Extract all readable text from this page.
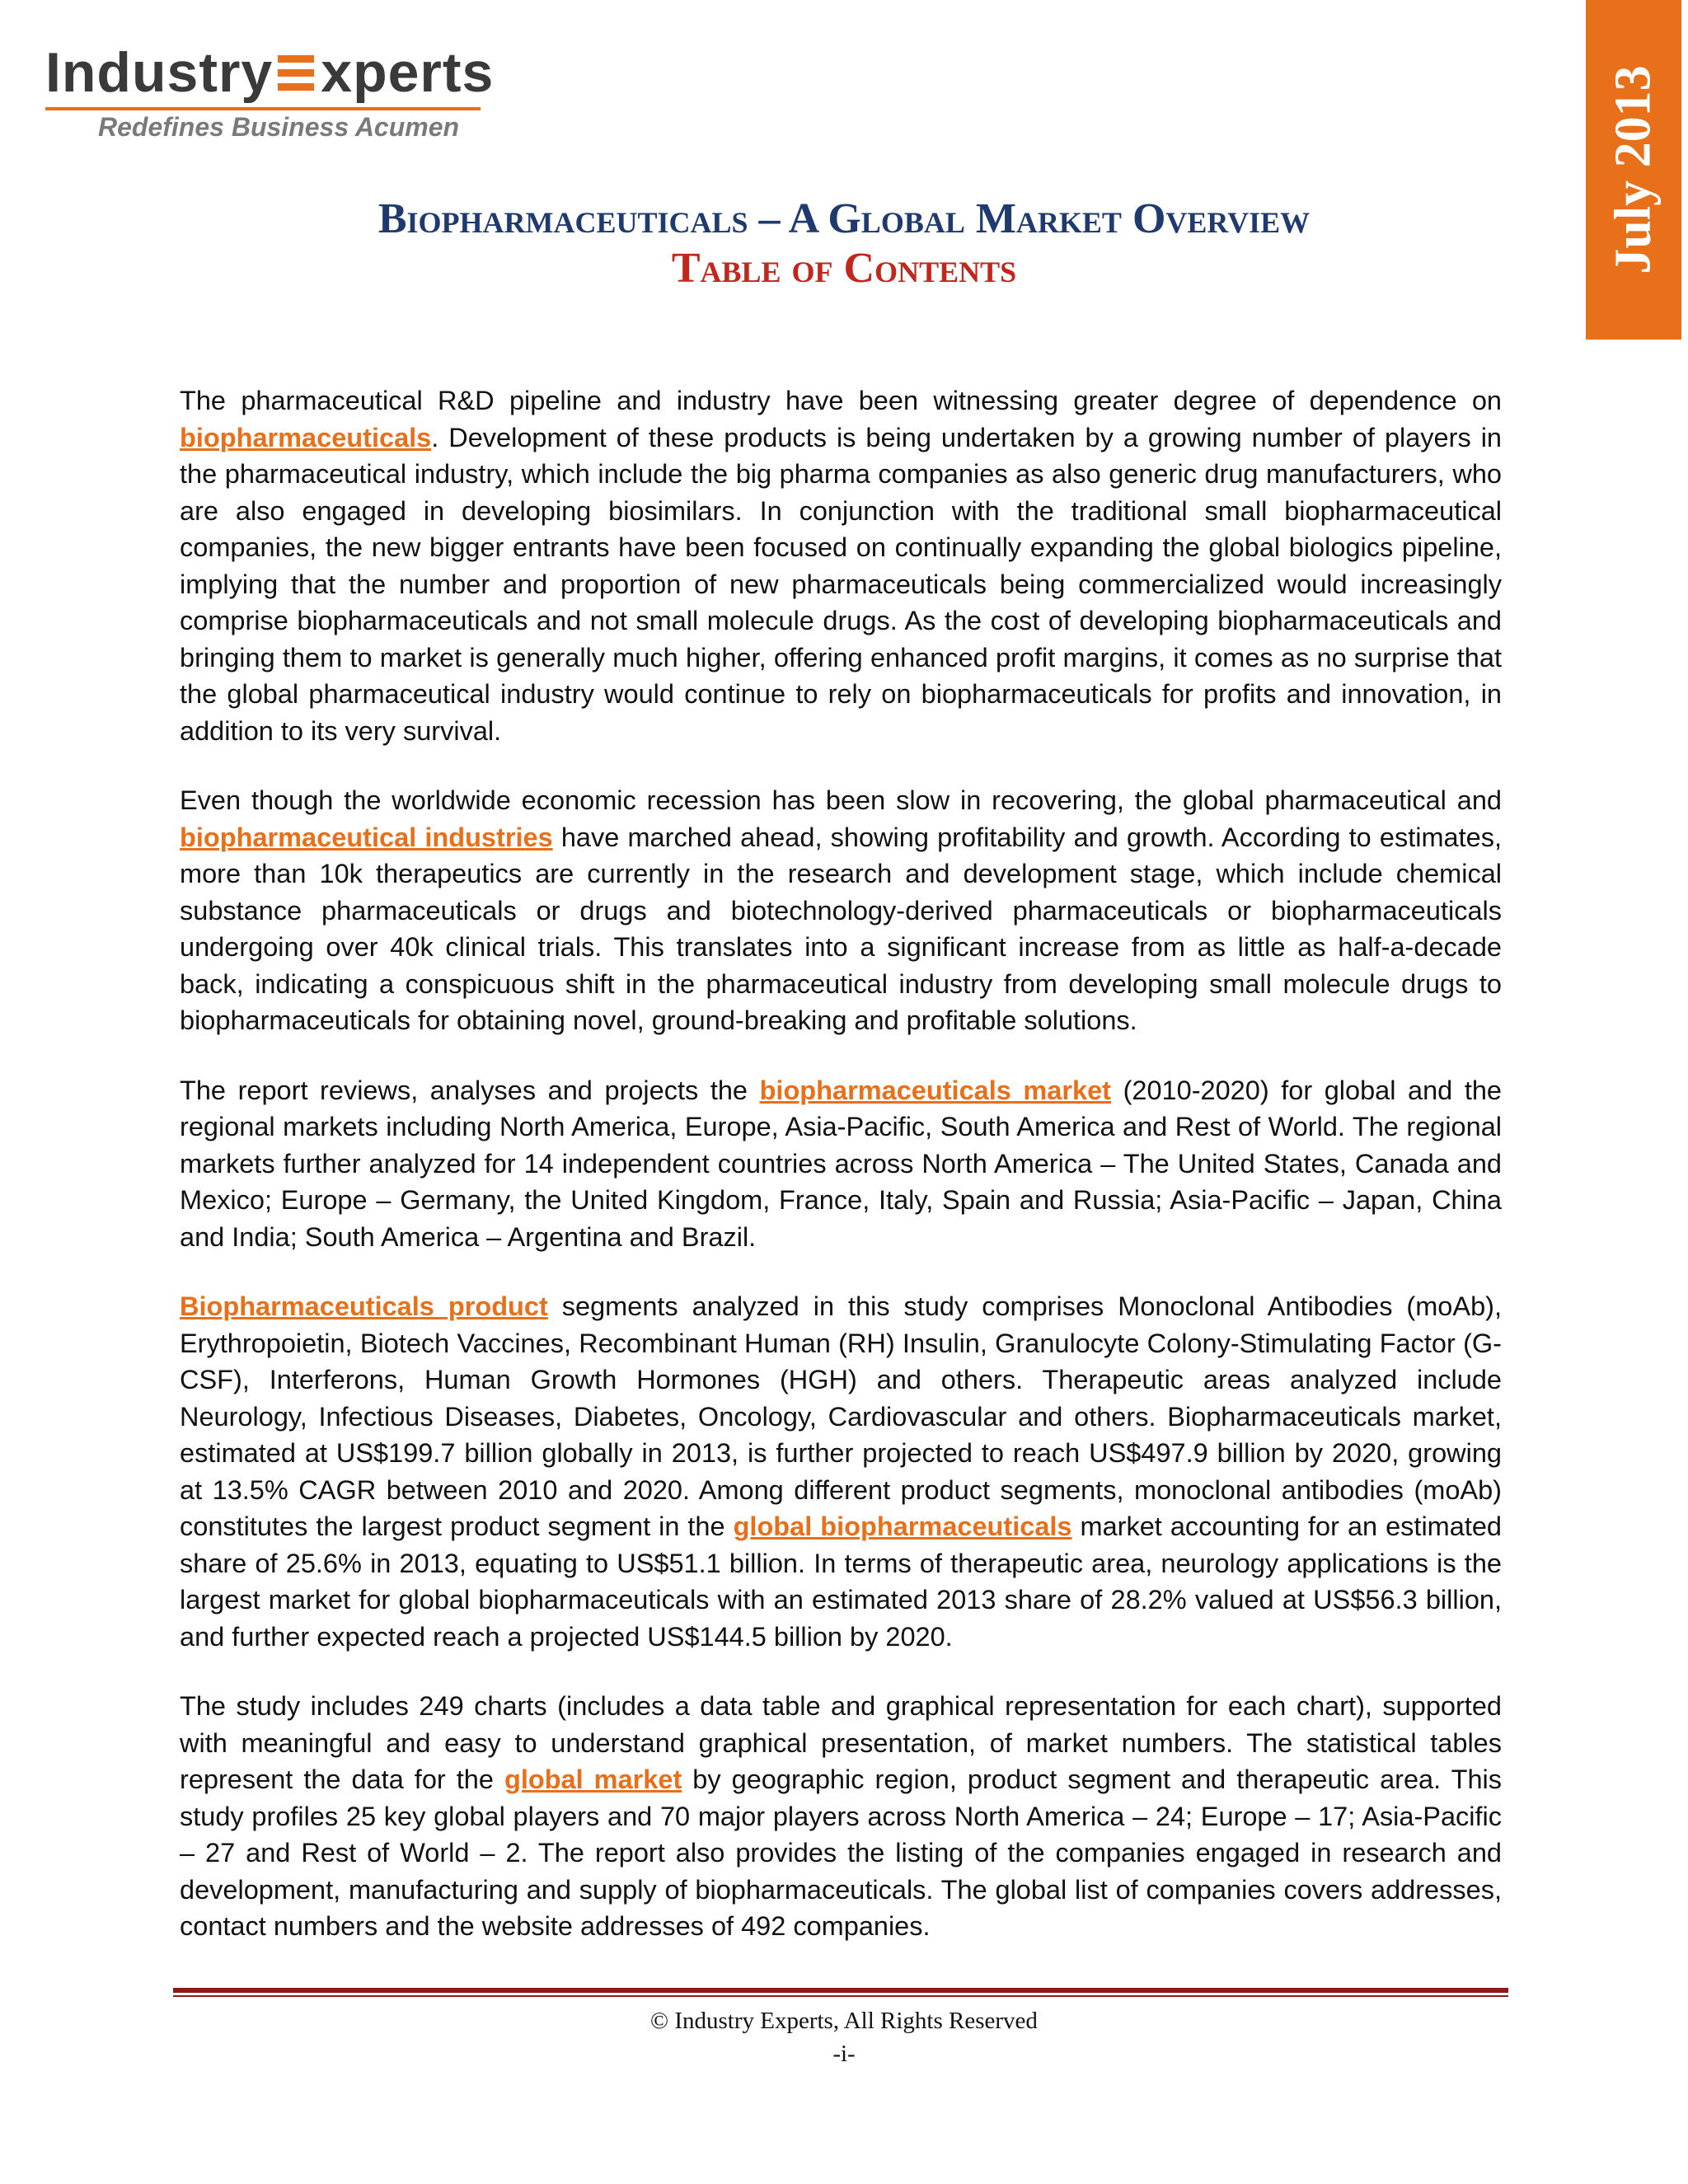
Industry xperts
Redefines Business Acumen	July 2013
Biopharmaceuticals – A Global Market Overview
Table of Contents

The pharmaceutical R&D pipeline and industry have been witnessing greater degree of dependence on biopharmaceuticals. Development of these products is being undertaken by a growing number of players in the pharmaceutical industry, which include the big pharma companies as also generic drug manufacturers, who are also engaged in developing biosimilars. In conjunction with the traditional small biopharmaceutical companies, the new bigger entrants have been focused on continually expanding the global biologics pipeline, implying that the number and proportion of new pharmaceuticals being commercialized would increasingly comprise biopharmaceuticals and not small molecule drugs. As the cost of developing biopharmaceuticals and bringing them to market is generally much higher, offering enhanced profit margins, it comes as no surprise that the global pharmaceutical industry would continue to rely on biopharmaceuticals for profits and innovation, in addition to its very survival.

Even though the worldwide economic recession has been slow in recovering, the global pharmaceutical and biopharmaceutical industries have marched ahead, showing profitability and growth. According to estimates, more than 10k therapeutics are currently in the research and development stage, which include chemical substance pharmaceuticals or drugs and biotechnology-derived pharmaceuticals or biopharmaceuticals undergoing over 40k clinical trials. This translates into a significant increase from as little as half-a-decade back, indicating a conspicuous shift in the pharmaceutical industry from developing small molecule drugs to biopharmaceuticals for obtaining novel, ground-breaking and profitable solutions.

The report reviews, analyses and projects the biopharmaceuticals market (2010-2020) for global and the regional markets including North America, Europe, Asia-Pacific, South America and Rest of World. The regional markets further analyzed for 14 independent countries across North America – The United States, Canada and Mexico; Europe – Germany, the United Kingdom, France, Italy, Spain and Russia; Asia-Pacific – Japan, China and India; South America – Argentina and Brazil.

Biopharmaceuticals product segments analyzed in this study comprises Monoclonal Antibodies (moAb), Erythropoietin, Biotech Vaccines, Recombinant Human (RH) Insulin, Granulocyte Colony-Stimulating Factor (G-CSF), Interferons, Human Growth Hormones (HGH) and others. Therapeutic areas analyzed include Neurology, Infectious Diseases, Diabetes, Oncology, Cardiovascular and others. Biopharmaceuticals market, estimated at US$199.7 billion globally in 2013, is further projected to reach US$497.9 billion by 2020, growing at 13.5% CAGR between 2010 and 2020. Among different product segments, monoclonal antibodies (moAb) constitutes the largest product segment in the global biopharmaceuticals market accounting for an estimated share of 25.6% in 2013, equating to US$51.1 billion. In terms of therapeutic area, neurology applications is the largest market for global biopharmaceuticals with an estimated 2013 share of 28.2% valued at US$56.3 billion, and further expected reach a projected US$144.5 billion by 2020.

The study includes 249 charts (includes a data table and graphical representation for each chart), supported with meaningful and easy to understand graphical presentation, of market numbers. The statistical tables represent the data for the global market by geographic region, product segment and therapeutic area. This study profiles 25 key global players and 70 major players across North America – 24; Europe – 17; Asia-Pacific – 27 and Rest of World – 2. The report also provides the listing of the companies engaged in research and development, manufacturing and supply of biopharmaceuticals. The global list of companies covers addresses, contact numbers and the website addresses of 492 companies.

© Industry Experts, All Rights Reserved
-i-
